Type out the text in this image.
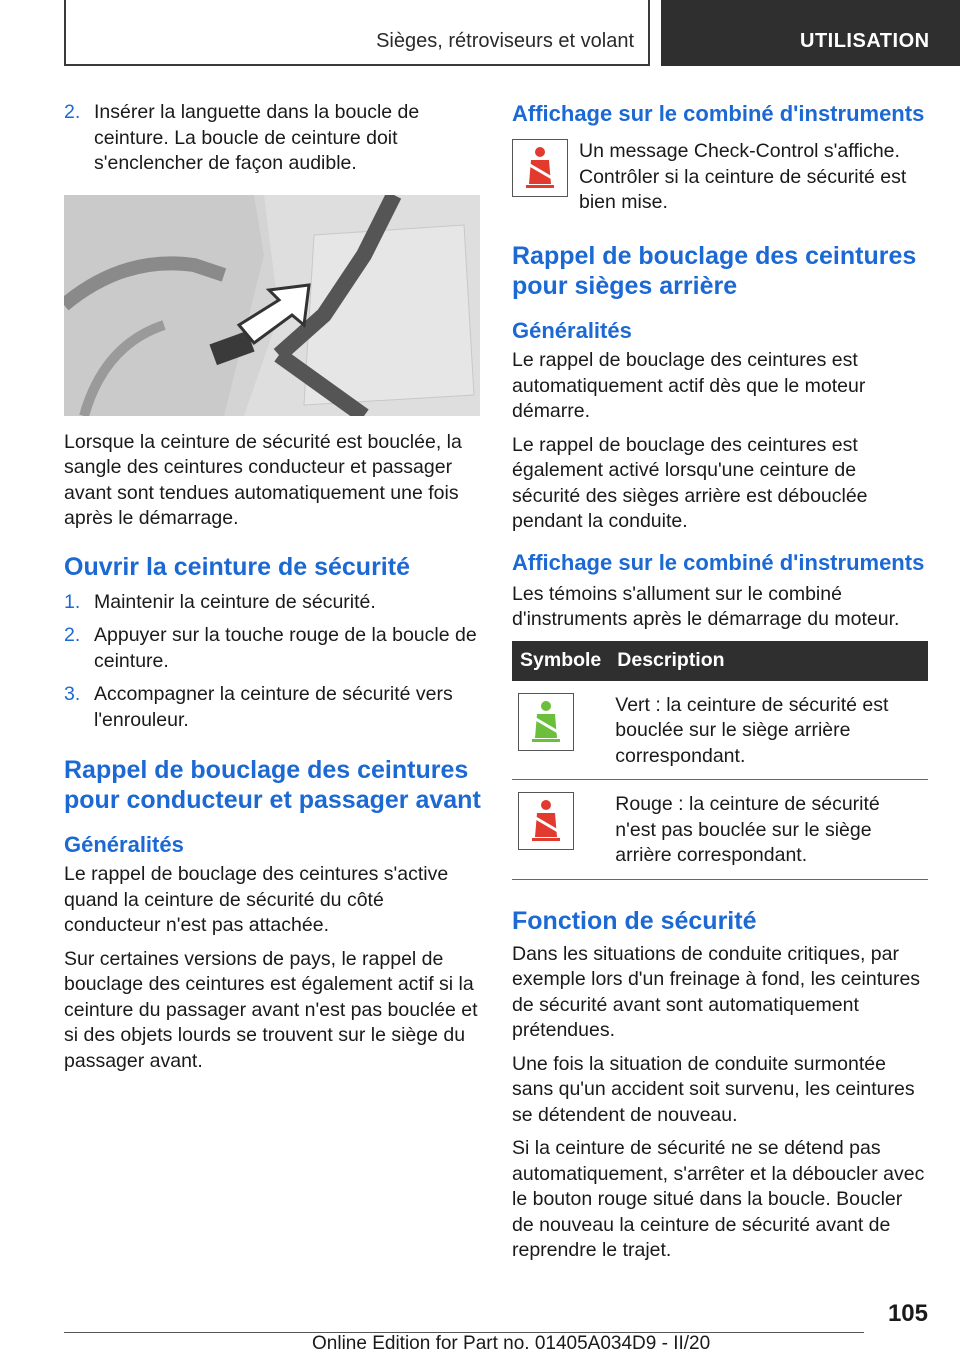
Sièges, rétroviseurs et volant	UTILISATION
2. Insérer la languette dans la boucle de ceinture. La boucle de ceinture doit s'enclencher de façon audible.

Lorsque la ceinture de sécurité est bouclée, la sangle des ceintures conducteur et passager avant sont tendues automatiquement une fois après le démarrage.

Ouvrir la ceinture de sécurité
1. Maintenir la ceinture de sécurité.
2. Appuyer sur la touche rouge de la boucle de ceinture.
3. Accompagner la ceinture de sécurité vers l'enrouleur.
Rappel de bouclage des ceintures pour conducteur et passager avant
Généralités

Le rappel de bouclage des ceintures s'active quand la ceinture de sécurité du côté conducteur n'est pas attachée.

Sur certaines versions de pays, le rappel de bouclage des ceintures est également actif si la ceinture du passager avant n'est pas bouclée et si des objets lourds se trouvent sur le siège du passager avant.

Affichage sur le combiné d'instruments
Un message Check-Control s'affiche. Contrôler si la ceinture de sécurité est bien mise.
Rappel de bouclage des ceintures pour sièges arrière
Généralités

Le rappel de bouclage des ceintures est automatiquement actif dès que le moteur démarre.

Le rappel de bouclage des ceintures est également activé lorsqu'une ceinture de sécurité des sièges arrière est débouclée pendant la conduite.

Affichage sur le combiné d'instruments

Les témoins s'allument sur le combiné d'instruments après le démarrage du moteur.

Symbole	Description

	Vert : la ceinture de sécurité est bouclée sur le siège arrière correspondant.

	Rouge : la ceinture de sécurité n'est pas bouclée sur le siège arrière correspondant.
Fonction de sécurité

Dans les situations de conduite critiques, par exemple lors d'un freinage à fond, les ceintures de sécurité avant sont automatiquement prétendues.

Une fois la situation de conduite surmontée sans qu'un accident soit survenu, les ceintures se détendent de nouveau.

Si la ceinture de sécurité ne se détend pas automatiquement, s'arrêter et la déboucler avec le bouton rouge situé dans la boucle. Boucler de nouveau la ceinture de sécurité avant de reprendre le trajet.

105
Online Edition for Part no. 01405A034D9 - II/20
